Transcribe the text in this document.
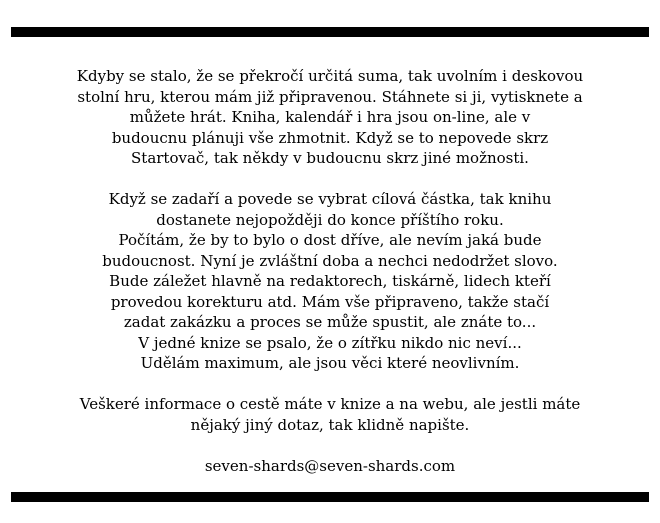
Kdyby se stalo, že se překročí určitá suma, tak uvolním i deskovou
stolní hru, kterou mám již připravenou. Stáhnete si ji, vytisknete a
můžete hrát. Kniha, kalendář i hra jsou on-line, ale v
budoucnu plánuji vše zhmotnit. Když se to nepovede skrz
Startovač, tak někdy v budoucnu skrz jiné možnosti.

Když se zadaří a povede se vybrat cílová částka, tak knihu
dostanete nejopožději do konce příštího roku.
Počítám, že by to bylo o dost dříve, ale nevím jaká bude
budoucnost. Nyní je zvláštní doba a nechci nedodržet slovo.
Bude záležet hlavně na redaktorech, tiskárně, lidech kteří
provedou korekturu atd. Mám vše připraveno, takže stačí
zadat zakázku a proces se může spustit, ale znáte to...
V jedné knize se psalo, že o zítřku nikdo nic neví...
Udělám maximum, ale jsou věci které neovlivním.

Veškeré informace o cestě máte v knize a na webu, ale jestli máte
nějaký jiný dotaz, tak klidně napište.

seven-shards@seven-shards.com
